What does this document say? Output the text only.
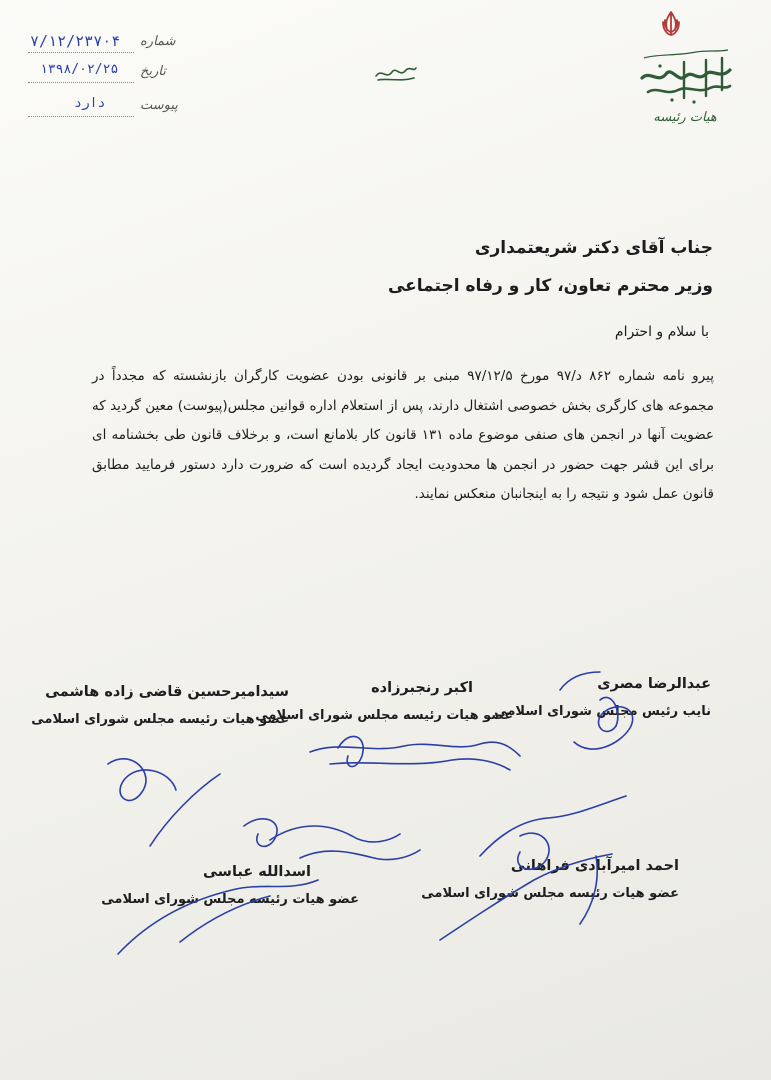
هیات رئیسه
شماره
۷/۱۲/۲۳۷۰۴
تاریخ
۱۳۹۸/۰۲/۲۵
پیوست
دارد
جناب آقای دکتر شریعتمداری
وزیر محترم تعاون، کار و رفاه اجتماعی
با سلام و احترام
پیرو نامه شماره ۸۶۲ د/۹۷ مورخ ۹۷/۱۲/۵ مبنی بر قانونی بودن عضویت کارگران بازنشسته که مجدداً در مجموعه های کارگری بخش خصوصی اشتغال دارند، پس از استعلام اداره قوانین مجلس(پیوست) معین گردید که عضویت آنها در انجمن های صنفی موضوع ماده ۱۳۱ قانون کار بلامانع است، و برخلاف قانون طی بخشنامه ای برای این قشر جهت حضور در انجمن ها محدودیت ایجاد گردیده است که ضرورت دارد دستور فرمایید مطابق قانون عمل شود و نتیجه را به اینجانبان منعکس نمایند.
عبدالرضا مصری
نایب رئیس مجلس شورای اسلامی
اکبر رنجبرزاده
عضو هیات رئیسه مجلس شورای اسلامی
سیدامیرحسین قاضی زاده هاشمی
عضو هیات رئیسه مجلس شورای اسلامی
احمد امیرآبادی فراهانی
عضو هیات رئیسه مجلس شورای اسلامی
اسدالله عباسی
عضو هیات رئیسه مجلس شورای اسلامی
